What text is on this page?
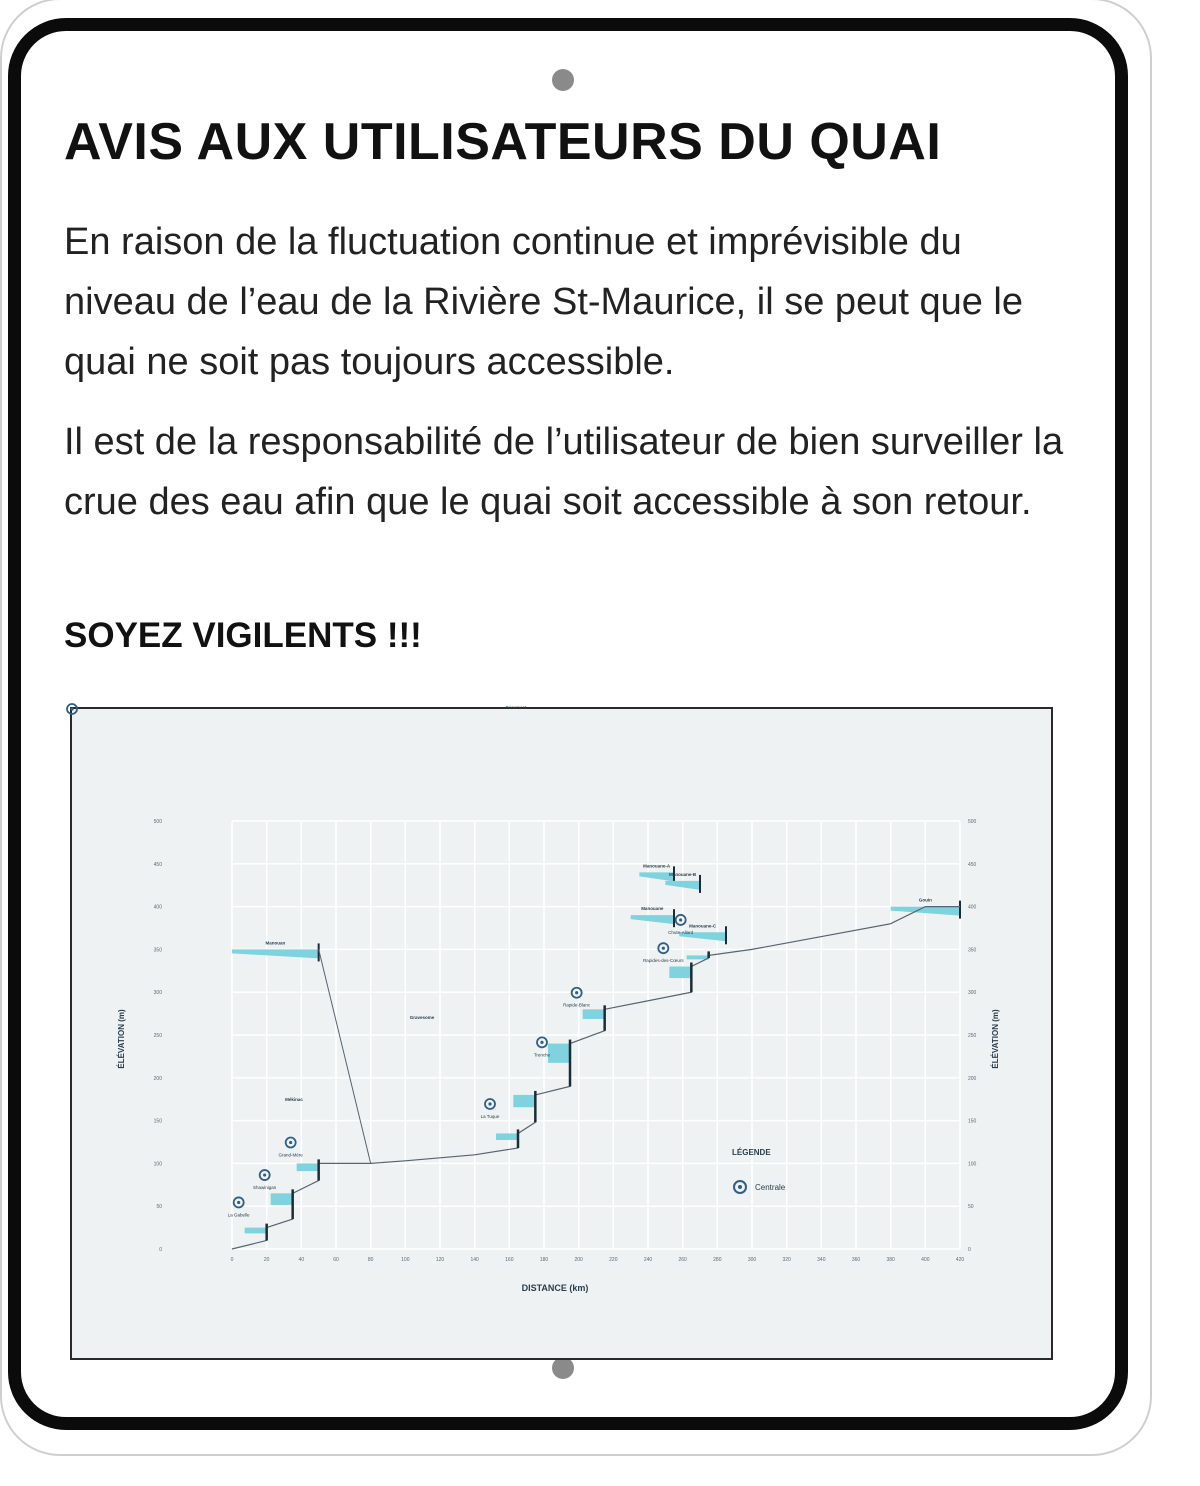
AVIS AUX UTILISATEURS DU QUAI

En raison de la fluctuation continue et imprévisible du niveau de l’eau de la Rivière St-Maurice, il se peut que le quai ne soit pas toujours accessible.

Il est de la responsabilité de l’utilisateur de bien surveiller la crue des eau afin que le quai soit accessible à son retour.

SOYEZ VIGILENTS !!!

0	20	40	60	80	100	120	140	160	180	200	220	240	260	280	300	320	340	360	380	400	420
0	0
50	50
100	100
150	150
200	200
250	250
300	300
350	350
400	400
450	450
500	500
Manouane-A
Manouane-B
Manouane-C
Manouane
Gouin
Manouan
La Gabelle
Shawinigan
Grand-Mère
Trenche
Beaumont
La Tuque
Rapide-Blanc
Rapides-des-Cœurs
Chute-Allard
Mékinac
Gravesome
DISTANCE (km)
ÉLÉVATION (m)	ÉLÉVATION (m)
LÉGENDE
Centrale
